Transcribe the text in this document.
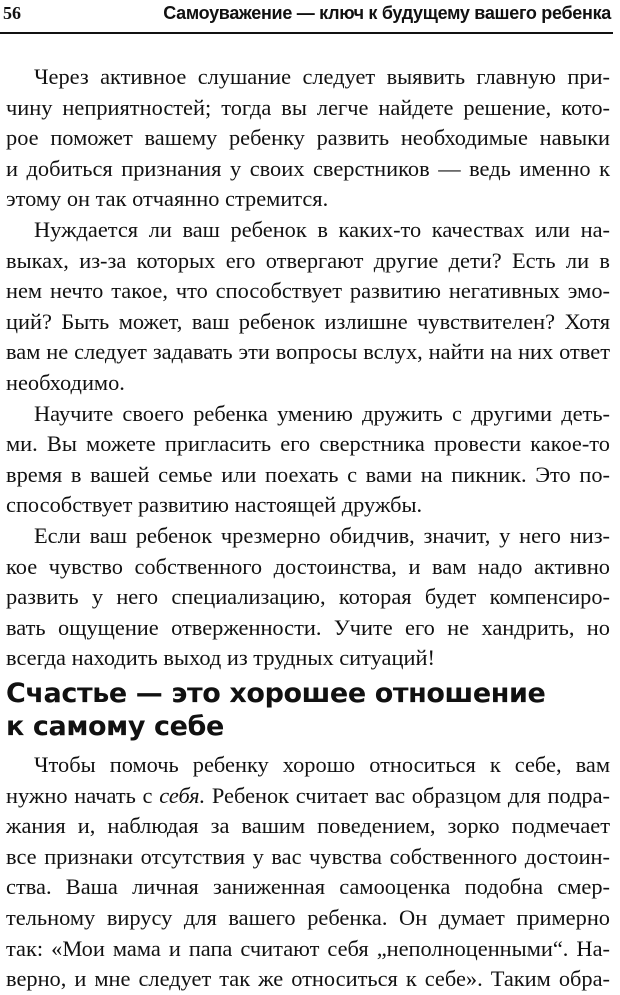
56	Самоуважение — ключ к будущему вашего ребенка
Через активное слушание следует выявить главную при-
чину неприятностей; тогда вы легче найдете решение, кото-
рое поможет вашему ребенку развить необходимые навыки
и добиться признания у своих сверстников — ведь именно к
этому он так отчаянно стремится.
Нуждается ли ваш ребенок в каких-то качествах или на-
выках, из-за которых его отвергают другие дети? Есть ли в
нем нечто такое, что способствует развитию негативных эмо-
ций? Быть может, ваш ребенок излишне чувствителен? Хотя
вам не следует задавать эти вопросы вслух, найти на них ответ
необходимо.
Научите своего ребенка умению дружить с другими деть-
ми. Вы можете пригласить его сверстника провести какое-то
время в вашей семье или поехать с вами на пикник. Это по-
способствует развитию настоящей дружбы.
Если ваш ребенок чрезмерно обидчив, значит, у него низ-
кое чувство собственного достоинства, и вам надо активно
развить у него специализацию, которая будет компенсиро-
вать ощущение отверженности. Учите его не хандрить, но
всегда находить выход из трудных ситуаций!
Счастье — это хорошее отношение
к самому себе
Чтобы помочь ребенку хорошо относиться к себе, вам
нужно начать с себя. Ребенок считает вас образцом для подра-
жания и, наблюдая за вашим поведением, зорко подмечает
все признаки отсутствия у вас чувства собственного достоин-
ства. Ваша личная заниженная самооценка подобна смер-
тельному вирусу для вашего ребенка. Он думает примерно
так: «Мои мама и папа считают себя „неполноценными“. На-
верно, и мне следует так же относиться к себе». Таким обра-
